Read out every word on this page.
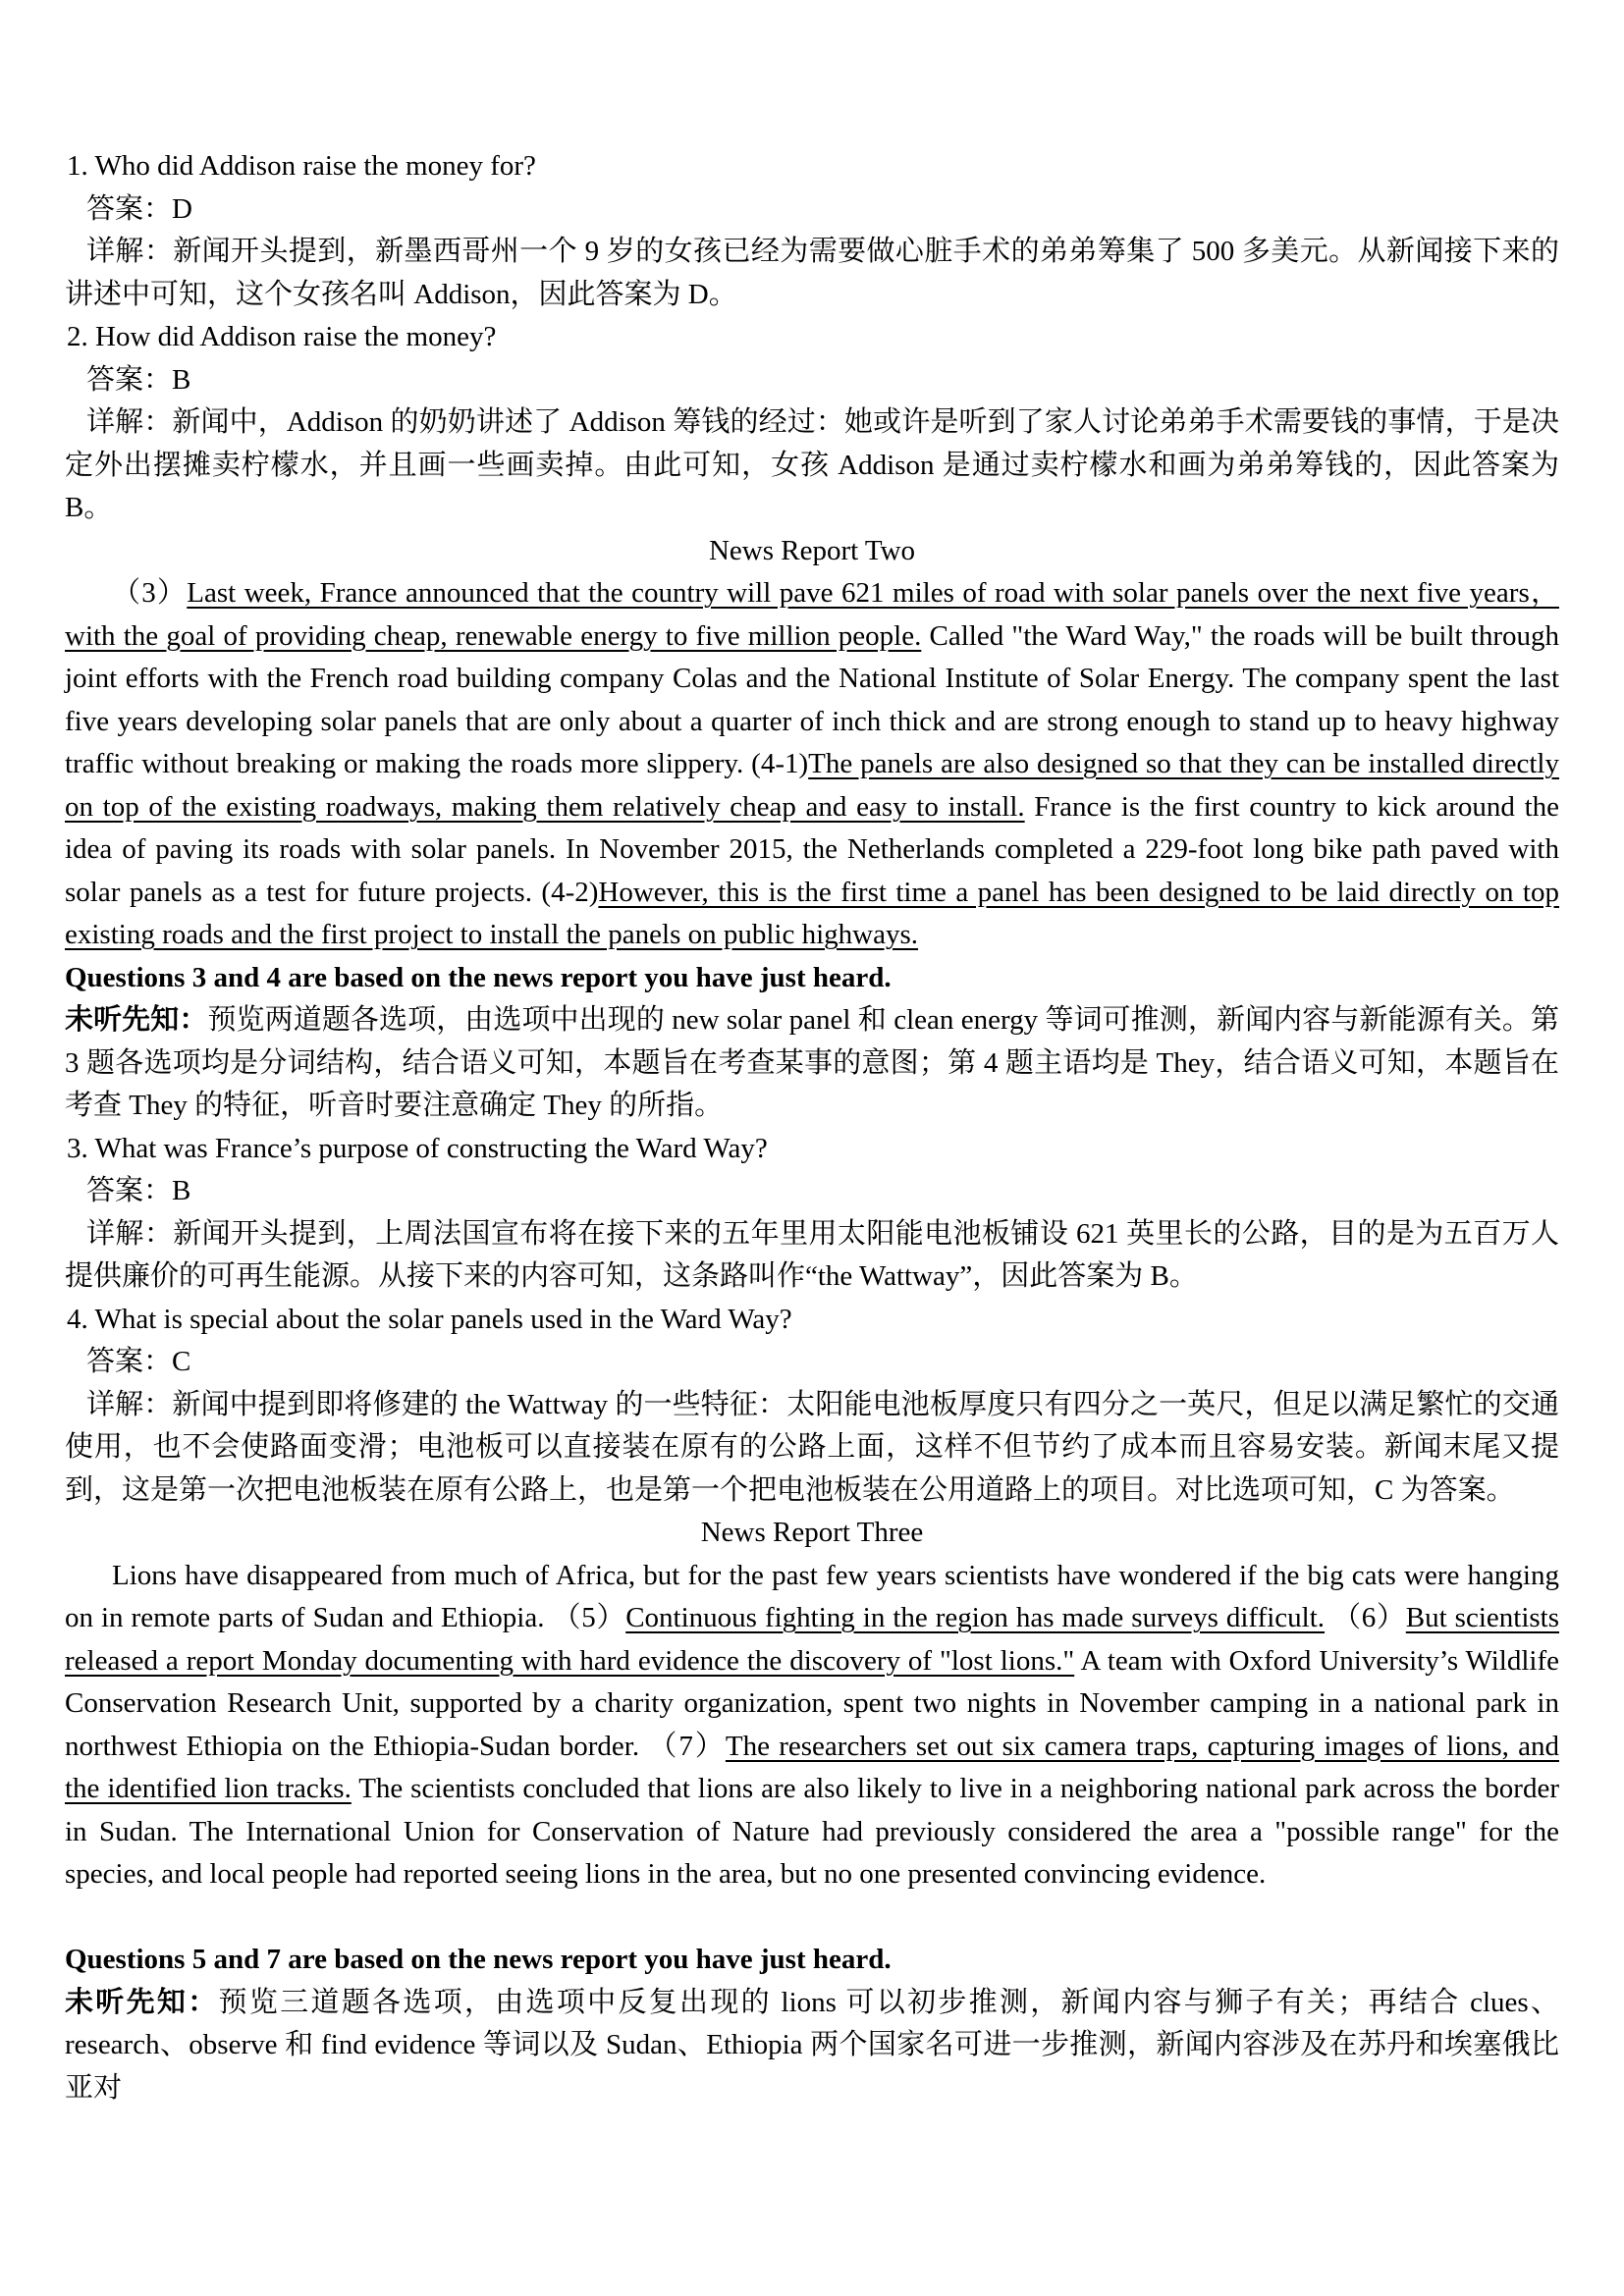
1. Who did Addison raise the money for?

答案：D

详解：新闻开头提到，新墨西哥州一个 9 岁的女孩已经为需要做心脏手术的弟弟筹集了 500 多美元。从新闻接下来的讲述中可知，这个女孩名叫 Addison，因此答案为 D。

2. How did Addison raise the money?

答案：B

详解：新闻中，Addison 的奶奶讲述了 Addison 筹钱的经过：她或许是听到了家人讨论弟弟手术需要钱的事情，于是决定外出摆摊卖柠檬水，并且画一些画卖掉。由此可知，女孩 Addison 是通过卖柠檬水和画为弟弟筹钱的，因此答案为 B。

News Report Two

（3）Last week, France announced that the country will pave 621 miles of road with solar panels over the next five years，with the goal of providing cheap, renewable energy to five million people. Called "the Ward Way," the roads will be built through joint efforts with the French road building company Colas and the National Institute of Solar Energy. The company spent the last five years developing solar panels that are only about a quarter of inch thick and are strong enough to stand up to heavy highway traffic without breaking or making the roads more slippery. (4-1)The panels are also designed so that they can be installed directly on top of the existing roadways, making them relatively cheap and easy to install. France is the first country to kick around the idea of paving its roads with solar panels. In November 2015, the Netherlands completed a 229-foot long bike path paved with solar panels as a test for future projects. (4-2)However, this is the first time a panel has been designed to be laid directly on top existing roads and the first project to install the panels on public highways.

Questions 3 and 4 are based on the news report you have just heard.

未听先知：预览两道题各选项，由选项中出现的 new solar panel 和 clean energy 等词可推测，新闻内容与新能源有关。第 3 题各选项均是分词结构，结合语义可知，本题旨在考查某事的意图；第 4 题主语均是 They，结合语义可知，本题旨在考查 They 的特征，听音时要注意确定 They 的所指。

3. What was France’s purpose of constructing the Ward Way?

答案：B

详解：新闻开头提到，上周法国宣布将在接下来的五年里用太阳能电池板铺设 621 英里长的公路，目的是为五百万人提供廉价的可再生能源。从接下来的内容可知，这条路叫作“the Wattway”，因此答案为 B。

4. What is special about the solar panels used in the Ward Way?

答案：C

详解：新闻中提到即将修建的 the Wattway 的一些特征：太阳能电池板厚度只有四分之一英尺，但足以满足繁忙的交通使用，也不会使路面变滑；电池板可以直接装在原有的公路上面，这样不但节约了成本而且容易安装。新闻末尾又提到，这是第一次把电池板装在原有公路上，也是第一个把电池板装在公用道路上的项目。对比选项可知，C 为答案。

News Report Three

Lions have disappeared from much of Africa, but for the past few years scientists have wondered if the big cats were hanging on in remote parts of Sudan and Ethiopia. （5）Continuous fighting in the region has made surveys difficult. （6）But scientists released a report Monday documenting with hard evidence the discovery of "lost lions." A team with Oxford University’s Wildlife Conservation Research Unit, supported by a charity organization, spent two nights in November camping in a national park in northwest Ethiopia on the Ethiopia-Sudan border. （7）The researchers set out six camera traps, capturing images of lions, and the identified lion tracks. The scientists concluded that lions are also likely to live in a neighboring national park across the border in Sudan. The International Union for Conservation of Nature had previously considered the area a "possible range" for the species, and local people had reported seeing lions in the area, but no one presented convincing evidence.

Questions 5 and 7 are based on the news report you have just heard.

未听先知：预览三道题各选项，由选项中反复出现的 lions 可以初步推测，新闻内容与狮子有关；再结合 clues、research、observe 和 find evidence 等词以及 Sudan、Ethiopia 两个国家名可进一步推测，新闻内容涉及在苏丹和埃塞俄比亚对
